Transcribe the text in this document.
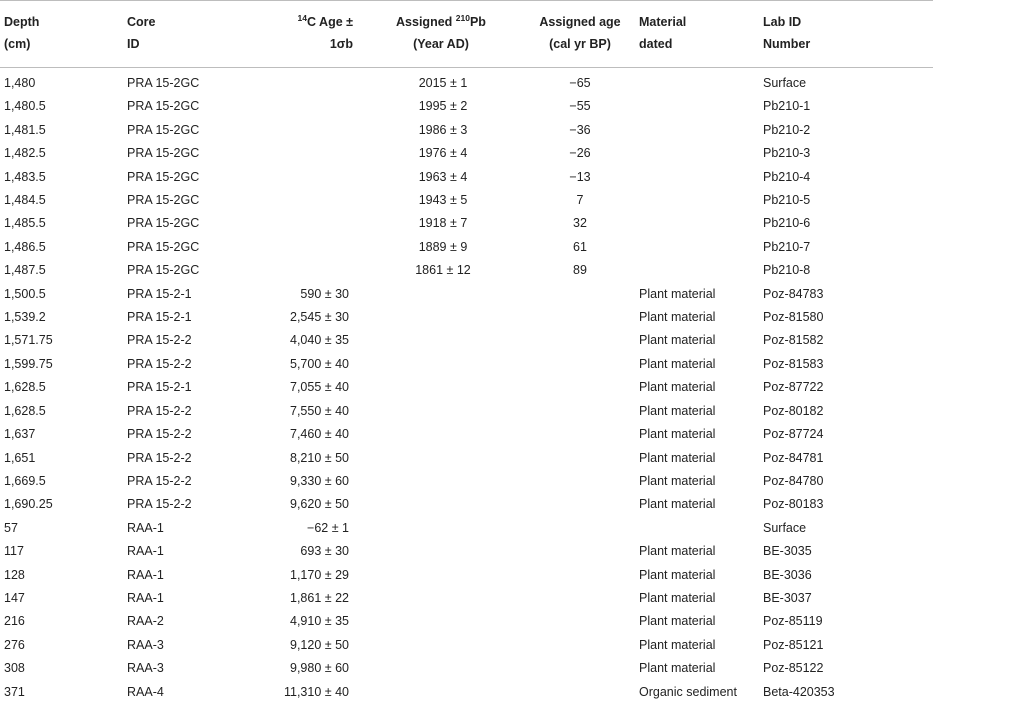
Depth	Core	$^{14}$C Age ±	Assigned $^{210}$Pb	Assigned age	Material	Lab ID
(cm)	ID	1σb	(Year AD)	(cal yr BP)	dated	Number
1,480	PRA 15-2GC		2015 ± 1	−65		Surface
1,480.5	PRA 15-2GC		1995 ± 2	−55		Pb210-1
1,481.5	PRA 15-2GC		1986 ± 3	−36		Pb210-2
1,482.5	PRA 15-2GC		1976 ± 4	−26		Pb210-3
1,483.5	PRA 15-2GC		1963 ± 4	−13		Pb210-4
1,484.5	PRA 15-2GC		1943 ± 5	7		Pb210-5
1,485.5	PRA 15-2GC		1918 ± 7	32		Pb210-6
1,486.5	PRA 15-2GC		1889 ± 9	61		Pb210-7
1,487.5	PRA 15-2GC		1861 ± 12	89		Pb210-8
1,500.5	PRA 15-2-1	590 ± 30			Plant material	Poz-84783
1,539.2	PRA 15-2-1	2,545 ± 30			Plant material	Poz-81580
1,571.75	PRA 15-2-2	4,040 ± 35			Plant material	Poz-81582
1,599.75	PRA 15-2-2	5,700 ± 40			Plant material	Poz-81583
1,628.5	PRA 15-2-1	7,055 ± 40			Plant material	Poz-87722
1,628.5	PRA 15-2-2	7,550 ± 40			Plant material	Poz-80182
1,637	PRA 15-2-2	7,460 ± 40			Plant material	Poz-87724
1,651	PRA 15-2-2	8,210 ± 50			Plant material	Poz-84781
1,669.5	PRA 15-2-2	9,330 ± 60			Plant material	Poz-84780
1,690.25	PRA 15-2-2	9,620 ± 50			Plant material	Poz-80183
57	RAA-1	−62 ± 1				Surface
117	RAA-1	693 ± 30			Plant material	BE-3035
128	RAA-1	1,170 ± 29			Plant material	BE-3036
147	RAA-1	1,861 ± 22			Plant material	BE-3037
216	RAA-2	4,910 ± 35			Plant material	Poz-85119
276	RAA-3	9,120 ± 50			Plant material	Poz-85121
308	RAA-3	9,980 ± 60			Plant material	Poz-85122
371	RAA-4	11,310 ± 40			Organic sediment	Beta-420353
